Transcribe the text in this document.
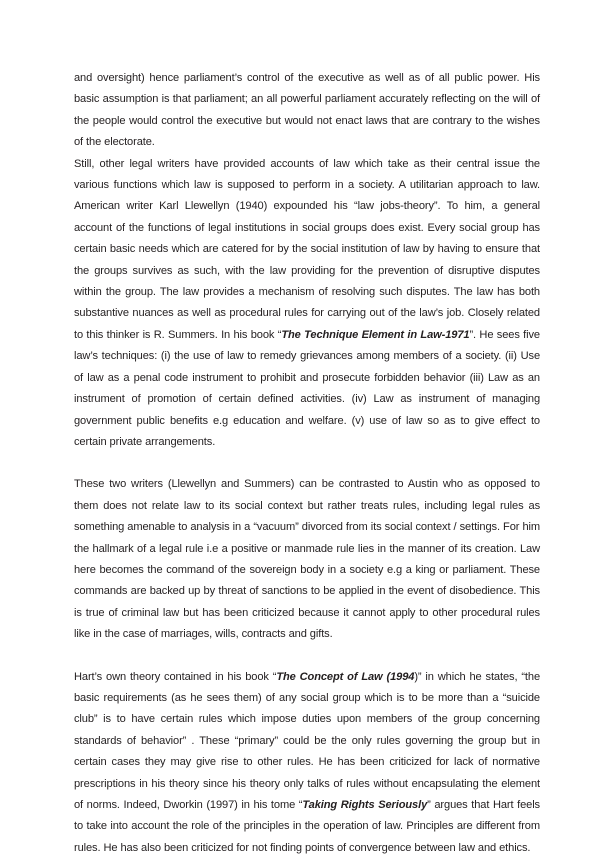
and oversight) hence parliament’s control of the executive as well as of all public power. His basic assumption is that parliament; an all powerful parliament accurately reflecting on the will of the people would control the executive but would not enact laws that are contrary to the wishes of the electorate.

Still, other legal writers have provided accounts of law which take as their central issue the various functions which law is supposed to perform in a society. A utilitarian approach to law. American writer Karl Llewellyn (1940) expounded his “law jobs-theory”. To him, a general account of the functions of legal institutions in social groups does exist. Every social group has certain basic needs which are catered for by the social institution of law by having to ensure that the groups survives as such, with the law providing for the prevention of disruptive disputes within the group. The law provides a mechanism of resolving such disputes. The law has both substantive nuances as well as procedural rules for carrying out of the law’s job. Closely related to this thinker is R. Summers. In his book “The Technique Element in Law-1971”. He sees five law’s techniques: (i) the use of law to remedy grievances among members of a society. (ii) Use of law as a penal code instrument to prohibit and prosecute forbidden behavior (iii) Law as an instrument of promotion of certain defined activities. (iv) Law as instrument of managing government public benefits e.g education and welfare. (v) use of law so as to give effect to certain private arrangements.

These two writers (Llewellyn and Summers) can be contrasted to Austin who as opposed to them does not relate law to its social context but rather treats rules, including legal rules as something amenable to analysis in a “vacuum” divorced from its social context / settings. For him the hallmark of a legal rule i.e a positive or manmade rule lies in the manner of its creation. Law here becomes the command of the sovereign body in a society e.g a king or parliament. These commands are backed up by threat of sanctions to be applied in the event of disobedience. This is true of criminal law but has been criticized because it cannot apply to other procedural rules like in the case of marriages, wills, contracts and gifts.

Hart’s own theory contained in his book “The Concept of Law (1994)” in which he states, “the basic requirements (as he sees them) of any social group which is to be more than a “suicide club” is to have certain rules which impose duties upon members of the group concerning standards of behavior” . These “primary” could be the only rules governing the group but in certain cases they may give rise to other rules. He has been criticized for lack of normative prescriptions in his theory since his theory only talks of rules without encapsulating the element of norms. Indeed, Dworkin (1997) in his tome “Taking Rights Seriously” argues that Hart feels to take into account the role of the principles in the operation of law. Principles are different from rules. He has also been criticized for not finding points of convergence between law and ethics.
